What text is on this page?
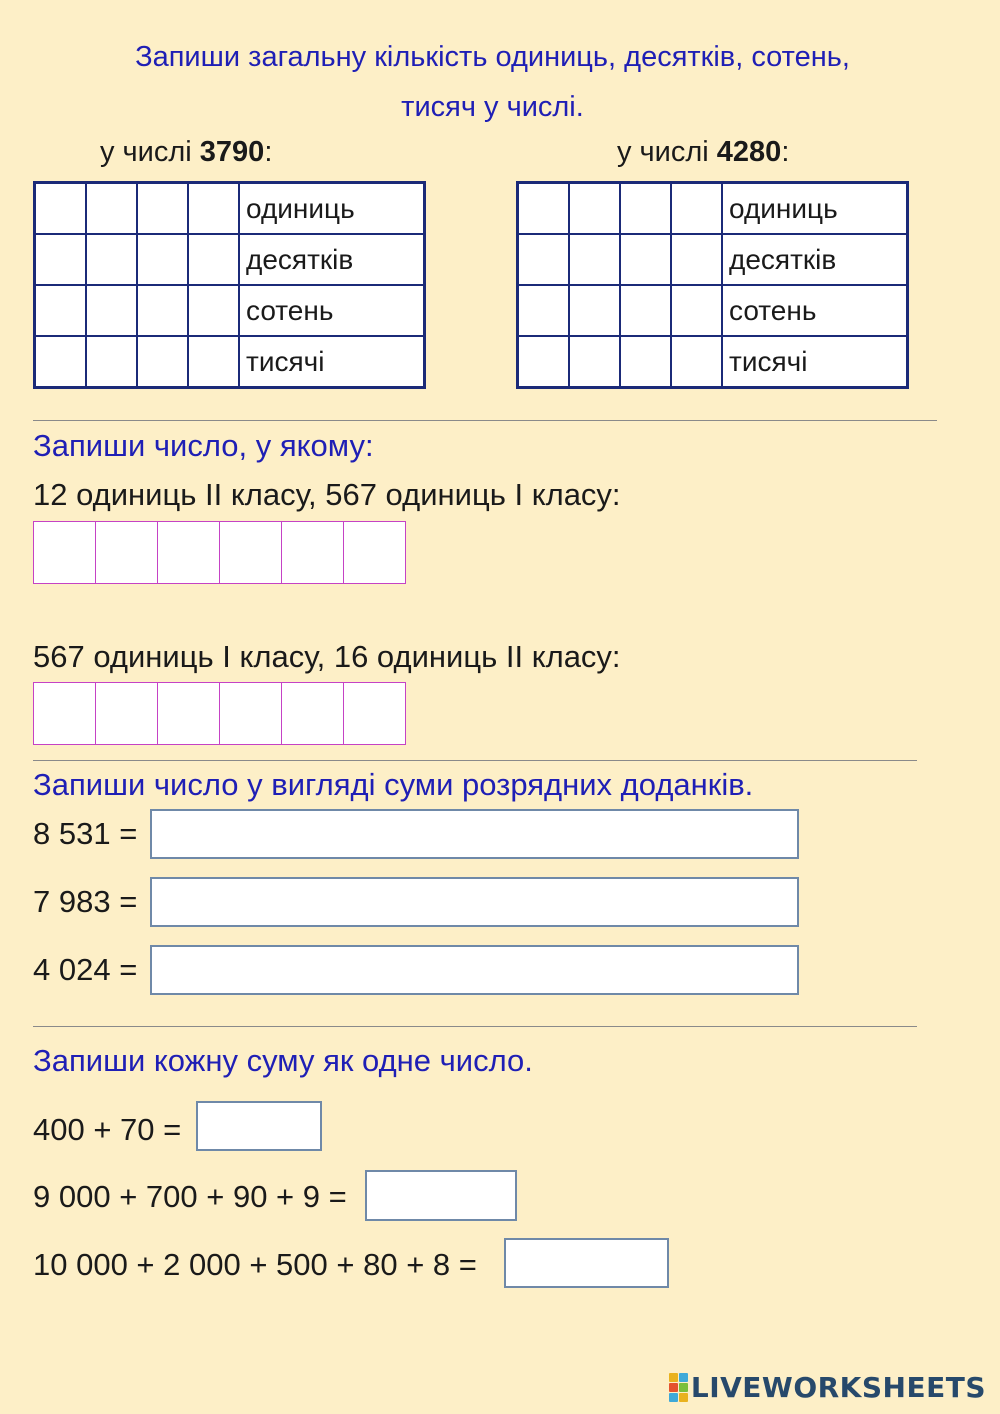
Запиши загальну кількість одиниць, десятків, сотень,
тисяч у числі.
у числі 3790:	у числі 4280:
				одиниць
				десятків
				сотень
				тисячі
				одиниць
				десятків
				сотень
				тисячі
Запиши число, у якому:
12 одиниць ІІ класу, 567 одиниць І класу:
567 одиниць І класу, 16 одиниць ІІ класу:
Запиши число у вигляді суми розрядних доданків.
8 531 =
7 983 =
4 024 =
Запиши кожну суму як одне число.
400 + 70 =
9 000 + 700 + 90 + 9 =
10 000 + 2 000 + 500 + 80 + 8 =
LIVEWORKSHEETS
